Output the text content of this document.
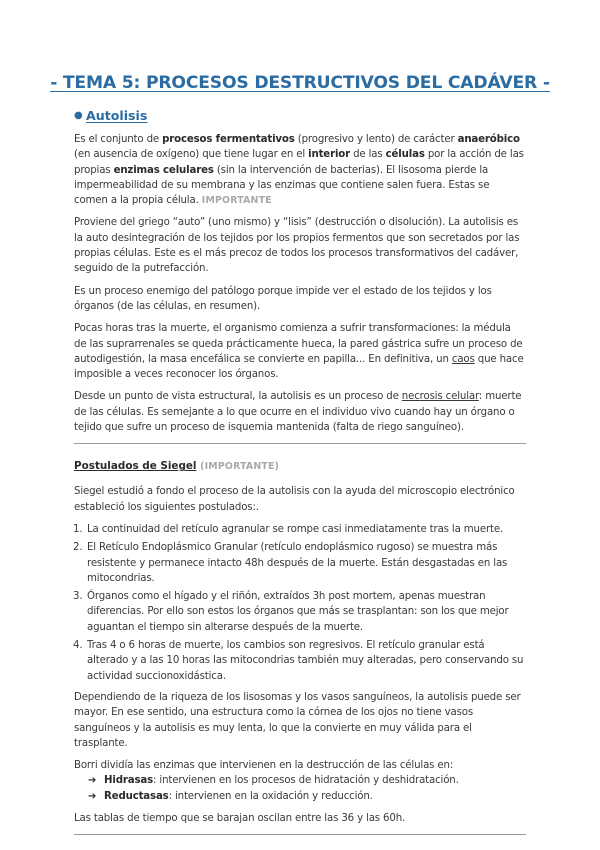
- TEMA 5: PROCESOS DESTRUCTIVOS DEL CADÁVER -
● Autolisis

Es el conjunto de procesos fermentativos (progresivo y lento) de carácter anaeróbico (en ausencia de oxígeno) que tiene lugar en el interior de las células por la acción de las propias enzimas celulares (sin la intervención de bacterias). El lisosoma pierde la impermeabilidad de su membrana y las enzimas que contiene salen fuera. Estas se comen a la propia célula. IMPORTANTE

Proviene del griego “auto” (uno mismo) y “lisis” (destrucción o disolución). La autolisis es la auto desintegración de los tejidos por los propios fermentos que son secretados por las propias células. Este es el más precoz de todos los procesos transformativos del cadáver, seguido de la putrefacción.

Es un proceso enemigo del patólogo porque impide ver el estado de los tejidos y los órganos (de las células, en resumen).

Pocas horas tras la muerte, el organismo comienza a sufrir transformaciones: la médula de las suprarrenales se queda prácticamente hueca, la pared gástrica sufre un proceso de autodigestión, la masa encefálica se convierte en papilla... En definitiva, un caos que hace imposible a veces reconocer los órganos.

Desde un punto de vista estructural, la autolisis es un proceso de necrosis celular: muerte de las células. Es semejante a lo que ocurre en el individuo vivo cuando hay un órgano o tejido que sufre un proceso de isquemia mantenida (falta de riego sanguíneo).

Postulados de Siegel (IMPORTANTE)

Siegel estudió a fondo el proceso de la autolisis con la ayuda del microscopio electrónico estableció los siguientes postulados:.

1. La continuidad del retículo agranular se rompe casi inmediatamente tras la muerte.
2. El Retículo Endoplásmico Granular (retículo endoplásmico rugoso) se muestra más resistente y permanece intacto 48h después de la muerte. Están desgastadas en las mitocondrias.
3. Órganos como el hígado y el riñón, extraídos 3h post mortem, apenas muestran diferencias. Por ello son estos los órganos que más se trasplantan: son los que mejor aguantan el tiempo sin alterarse después de la muerte.
4. Tras 4 o 6 horas de muerte, los cambios son regresivos. El retículo granular está alterado y a las 10 horas las mitocondrias también muy alteradas, pero conservando su actividad succionoxidástica.

Dependiendo de la riqueza de los lisosomas y los vasos sanguíneos, la autolisis puede ser mayor. En ese sentido, una estructura como la córnea de los ojos no tiene vasos sanguíneos y la autolisis es muy lenta, lo que la convierte en muy válida para el trasplante.

Borri dividía las enzimas que intervienen en la destrucción de las células en:

➔ Hidrasas: intervienen en los procesos de hidratación y deshidratación.
➔ Reductasas: intervienen en la oxidación y reducción.

Las tablas de tiempo que se barajan oscilan entre las 36 y las 60h.
